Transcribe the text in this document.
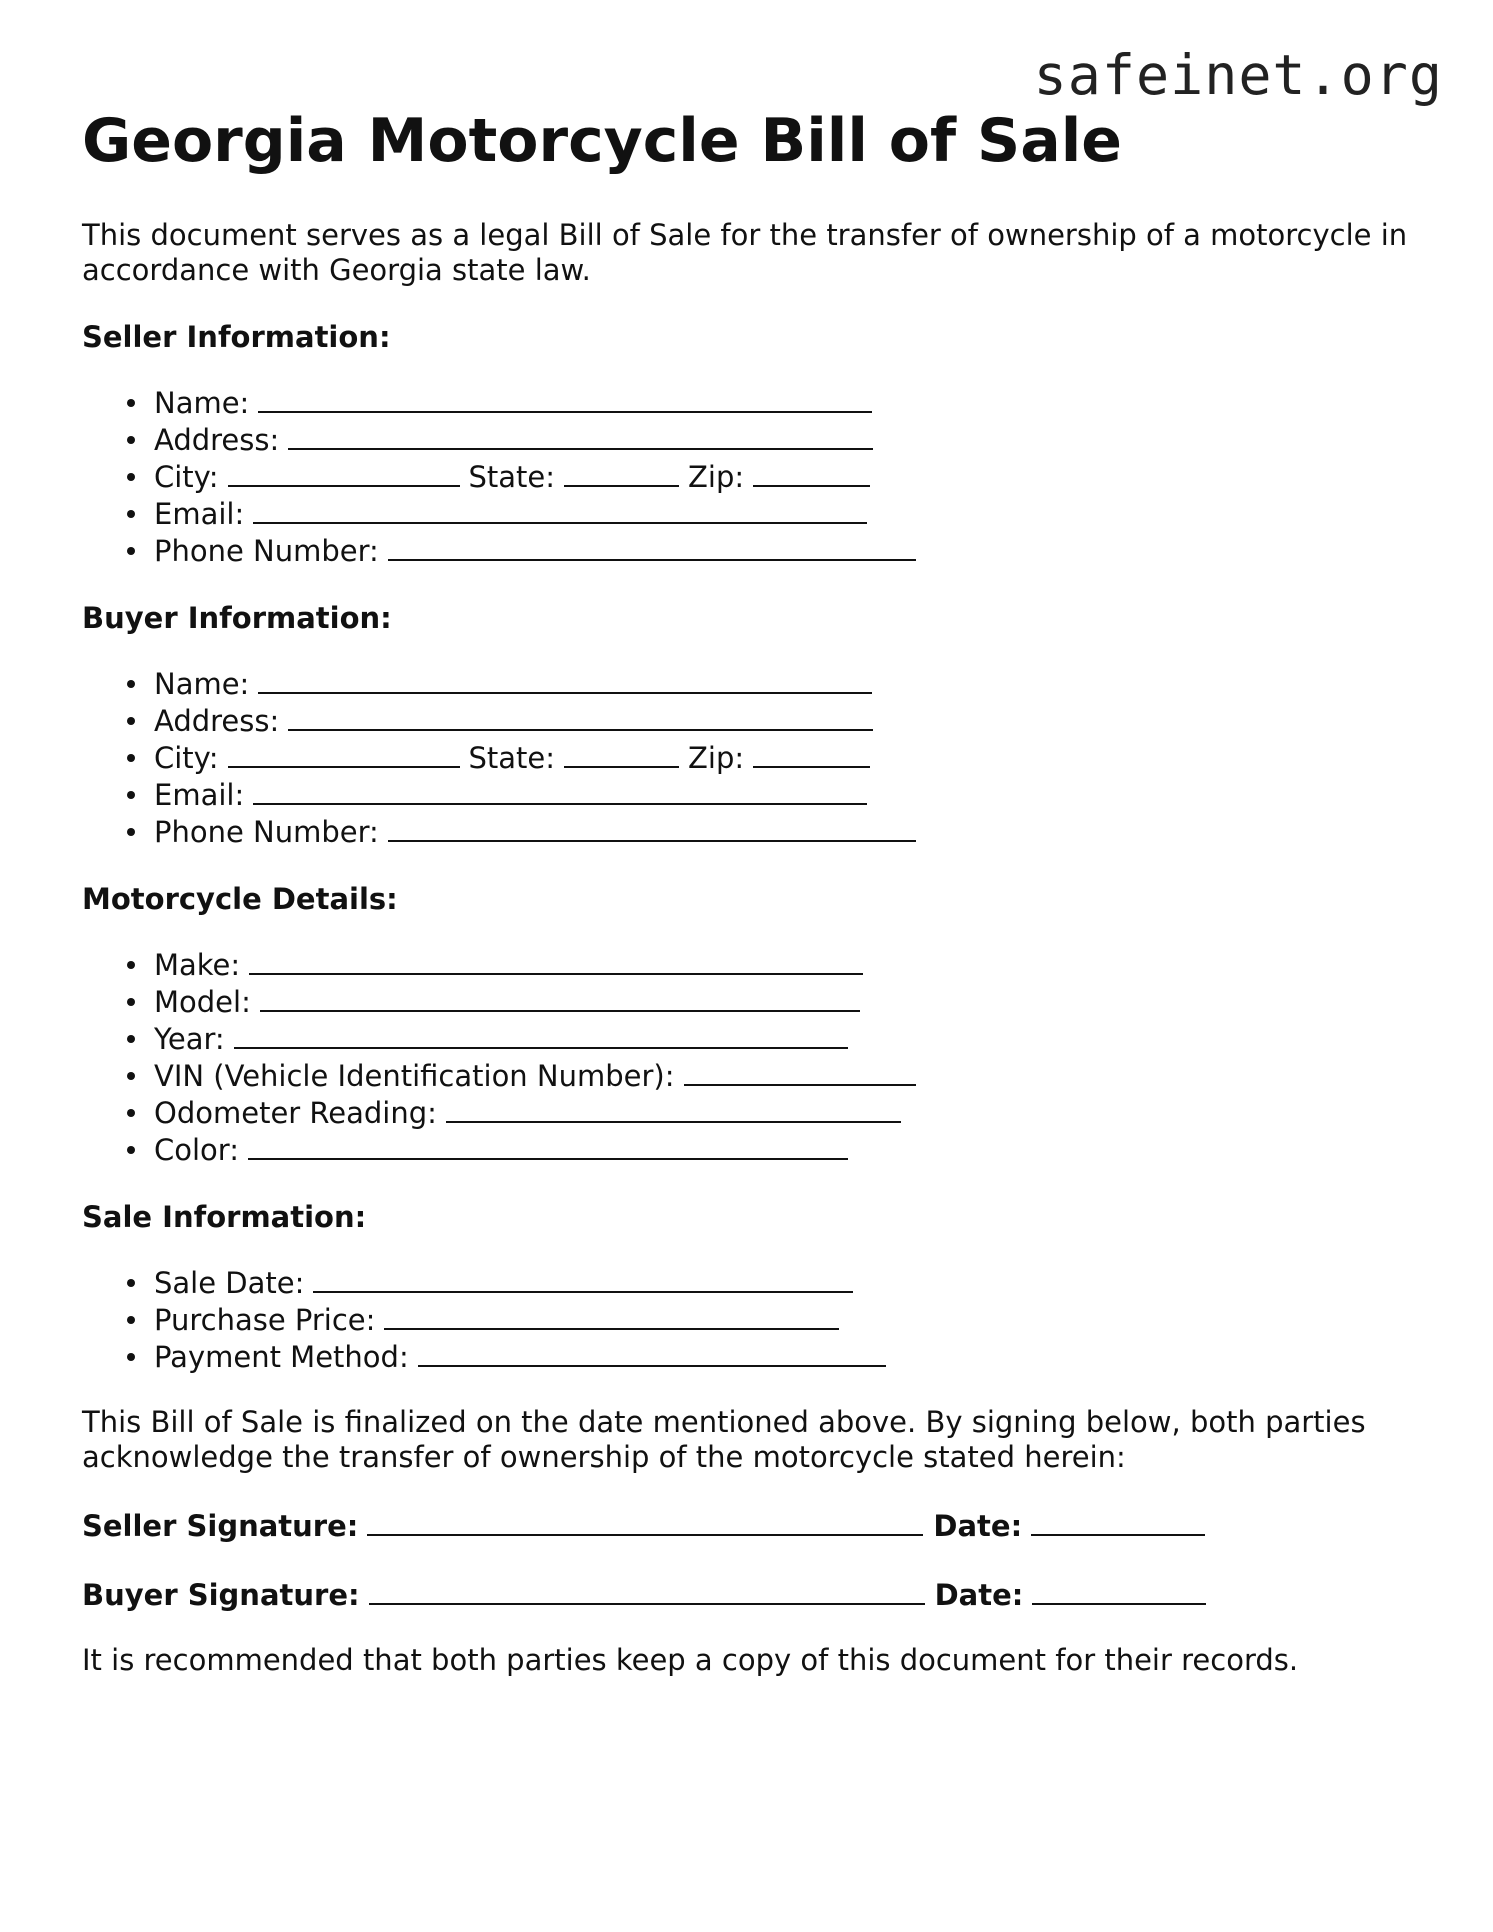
safeinet.org
Georgia Motorcycle Bill of Sale

This document serves as a legal Bill of Sale for the transfer of ownership of a motorcycle in accordance with Georgia state law.

Seller Information:
Name:
Address:
City:	State:	Zip:
Email:
Phone Number:
Buyer Information:
Name:
Address:
City:	State:	Zip:
Email:
Phone Number:
Motorcycle Details:
Make:
Model:
Year:
VIN (Vehicle Identification Number):
Odometer Reading:
Color:
Sale Information:
Sale Date:
Purchase Price:
Payment Method:

This Bill of Sale is finalized on the date mentioned above. By signing below, both parties acknowledge the transfer of ownership of the motorcycle stated herein:

Seller Signature:	Date:
Buyer Signature:	Date:

It is recommended that both parties keep a copy of this document for their records.
